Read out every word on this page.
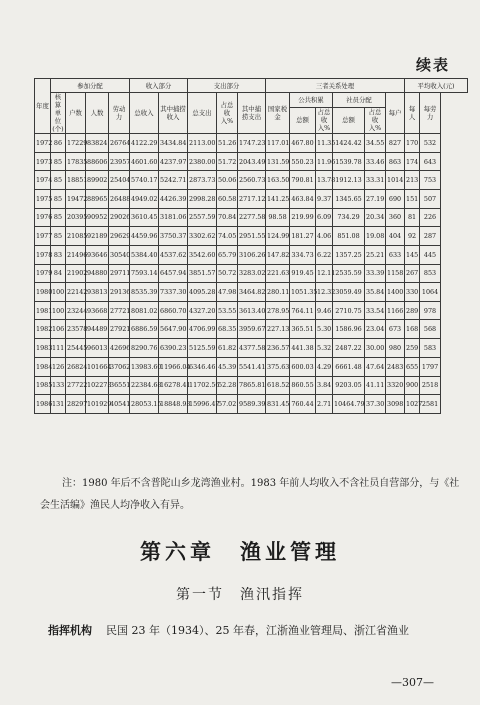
续表
年度	参加分配				收入部分		支出部分			三者关系处理						平均收入(元)	
	核算单位(个)	户数	人数	劳动力	总收入	其中捕捞收入	总支出	占总收入%	其中捕捞支出	国家税金	公共积累		社员分配		每户	每人	每劳力
											总额	占总收入%	总额	占总收入%			
1972	86	17229	83824	26764	4122.29	3434.84	2113.00	51.26	1747.23	117.01	467.80	11.35	1424.42	34.55	827	170	532
1973	85	17835	88606	23957	4601.60	4237.97	2380.00	51.72	2043.49	131.59	550.23	11.96	1539.78	33.46	863	174	643
1974	85	18851	89902	25404	5740.17	5242.71	2873.73	50.06	2560.73	163.50	790.81	13.78	1912.13	33.31	1014	213	753
1975	85	19472	88965	26488	4949.02	4426.39	2998.28	60.58	2717.12	141.25	463.84	9.37	1345.65	27.19	690	151	507
1976	85	20395	90952	29026	3610.45	3181.06	2557.59	70.84	2277.58	98.58	219.99	6.09	734.29	20.34	360	81	226
1977	85	21085	92189	29629	4459.96	3750.37	3302.62	74.05	2951.55	124.99	181.27	4.06	851.08	19.08	404	92	287
1978	83	21496	93646	30540	5384.40	4537.62	3542.60	65.79	3106.26	147.82	334.73	6.22	1357.25	25.21	633	145	445
1979	84	21902	94880	29711	7593.14	6457.94	3851.57	50.72	3283.02	221.63	919.45	12.11	2535.59	33.39	1158	267	853
1980	100	22142	93813	29136	8535.39	7337.30	4095.28	47.98	3464.82	280.11	1051.35	12.32	3059.49	35.84	1400	330	1064
1981	100	23244	93668	27721	8081.02	6860.70	4327.20	53.55	3613.40	278.95	764.11	9.46	2710.75	33.54	1166	289	978
1982	106	23578	94489	27921	6886.59	5647.90	4706.99	68.35	3959.67	227.13	365.51	5.30	1586.96	23.04	673	168	568
1983	111	25445	96013	42696	8290.76	6390.23	5125.59	61.82	4377.58	236.57	441.38	5.32	2487.22	30.00	980	259	583
1984	126	26824	101664	37062	13983.60	11966.04	6346.46	45.39	5541.41	375.63	600.03	4.29	6661.48	47.64	2483	655	1797
1985	133	27722	102273	36551	22384.68	16278.41	11702.56	52.28	7865.81	618.52	860.55	3.84	9203.05	41.11	3320	900	2518
1986	131	28297	101929	40541	28053.15	18848.93	15996.47	57.02	9589.39	831.45	760.44	2.71	10464.79	37.30	3098	1027	2581
注：1980 年后不含普陀山乡龙湾渔业村。1983 年前人均收入不含社员自营部分，与《社会生活编》渔民人均净收入有异。
第六章　渔业管理
第一节　渔汛指挥
指挥机构 民国 23 年（1934）、25 年春，江浙渔业管理局、浙江省渔业
—307—
